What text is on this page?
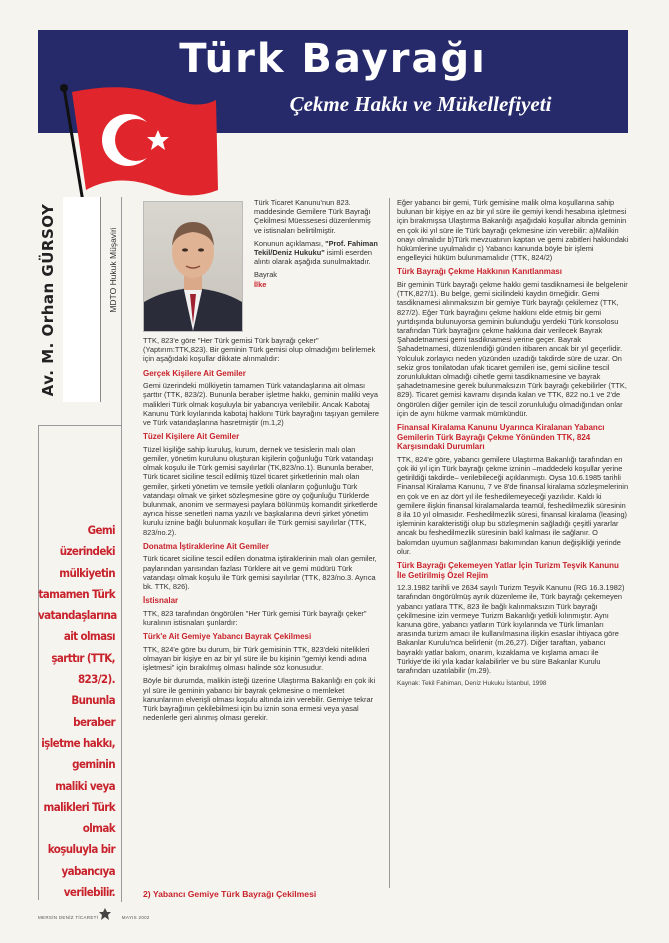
Türk Bayrağı
Çekme Hakkı ve Mükellefiyeti
Av. M. Orhan GÜRSOY	MDTO Hukuk Müşaviri
Gemi üzerindeki mülkiyetin tamamen Türk vatandaşlarına ait olması şarttır (TTK, 823/2). Bununla beraber işletme hakkı, geminin maliki veya malikleri Türk olmak koşuluyla bir yabancıya verilebilir.

Türk Ticaret Kanunu'nun 823. maddesinde Gemilere Türk Bayrağı Çekilmesi Müessesesi düzenlenmiş ve istisnaları belirtilmiştir.

Konunun açıklaması, "Prof. Fahiman Tekil/Deniz Hukuku" isimli eserden alıntı olarak aşağıda sunulmaktadır.

Bayrak

İlke

TTK, 823'e göre "Her Türk gemisi Türk bayrağı çeker" (Yaptırım:TTK,823). Bir geminin Türk gemisi olup olmadığını belirlemek için aşağıdaki koşullar dikkate alınmalıdır:

Gerçek Kişilere Ait Gemiler

Gemi üzerindeki mülkiyetin tamamen Türk vatandaşlarına ait olması şarttır (TTK, 823/2). Bununla beraber işletme hakkı, geminin maliki veya malikleri Türk olmak koşuluyla bir yabancıya verilebilir. Ancak Kabotaj Kanunu Türk kıyılarında kabotaj hakkını Türk bayrağını taşıyan gemilere ve Türk vatandaşlarına hasretmiştir (m.1,2)

Tüzel Kişilere Ait Gemiler

Tüzel kişiliğe sahip kuruluş, kurum, dernek ve tesislerin malı olan gemiler, yönetim kurulunu oluşturan kişilerin çoğunluğu Türk vatandaşı olmak koşulu ile Türk gemisi sayılırlar (TK,823/no.1). Bununla beraber, Türk ticaret siciline tescil edilmiş tüzel ticaret şirketlerinin malı olan gemiler, şirketi yönetim ve temsile yetkili olanların çoğunluğu Türk vatandaşı olmak ve şirket sözleşmesine göre oy çoğunluğu Türklerde bulunmak, anonim ve sermayesi paylara bölünmüş komandit şirketlerde ayrıca hisse senetleri nama yazılı ve başkalarına devri şirket yönetim kurulu iznine bağlı bulunmak koşulları ile Türk gemisi sayılırlar (TTK, 823/no.2).

Donatma İştiraklerine Ait Gemiler

Türk ticaret siciline tescil edilen donatma iştiraklerinin malı olan gemiler, paylarından yarısından fazlası Türklere ait ve gemi müdürü Türk vatandaşı olmak koşulu ile Türk gemisi sayılırlar (TTK, 823/no.3. Ayrıca bk. TTK, 826).

İstisnalar

TTK, 823 tarafından öngörülen "Her Türk gemisi Türk bayrağı çeker" kuralının istisnaları şunlardır:

Türk'e Ait Gemiye Yabancı Bayrak Çekilmesi

TTK, 824'e göre bu durum, bir Türk gemisinin TTK, 823'deki nitelikleri olmayan bir kişiye en az bir yıl süre ile bu kişinin "gemiyi kendi adına işletmesi" için bırakılmış olması halinde söz konusudur.

Böyle bir durumda, malikin isteği üzerine Ulaştırma Bakanlığı en çok iki yıl süre ile geminin yabancı bir bayrak çekmesine o memleket kanunlarının elverişli olması koşulu altında izin verebilir. Gemiye tekrar Türk bayrağının çekilebilmesi için bu iznin sona ermesi veya yasal nedenlerle geri alınmış olması gerekir.

2) Yabancı Gemiye Türk Bayrağı Çekilmesi

Eğer yabancı bir gemi, Türk gemisine malik olma koşullarına sahip bulunan bir kişiye en az bir yıl süre ile gemiyi kendi hesabına işletmesi için bırakmışsa Ulaştırma Bakanlığı aşağıdaki koşullar altında geminin en çok iki yıl süre ile Türk bayrağı çekmesine izin verebilir: a)Malikin onayı olmalıdır b)Türk mevzuatının kaptan ve gemi zabitleri hakkındaki hükümlerine uyulmalıdır c) Yabancı kanunda böyle bir işlemi engelleyici hüküm bulunmamalıdır (TTK, 824/2)

Türk Bayrağı Çekme Hakkının Kanıtlanması

Bir geminin Türk bayrağı çekme hakkı gemi tasdiknamesi ile belgelenir (TTK,827/1). Bu belge, gemi sicilindeki kaydın örneğidir. Gemi tasdiknamesi alınmaksızın bir gemiye Türk bayrağı çekilemez (TTK, 827/2). Eğer Türk bayrağını çekme hakkını elde etmiş bir gemi yurtdışında bulunuyorsa geminin bulunduğu yerdeki Türk konsolosu tarafından Türk bayrağını çekme hakkına dair verilecek Bayrak Şahadetnamesi gemi tasdiknamesi yerine geçer. Bayrak Şahadetnamesi, düzenlendiği günden itibaren ancak bir yıl geçerlidir. Yolculuk zorlayıcı neden yüzünden uzadığı takdirde süre de uzar. On sekiz gros tonilatodan ufak ticaret gemileri ise, gemi siciline tescil zorunluluktan olmadığı cihetle gemi tasdiknamesine ve bayrak şahadetnamesine gerek bulunmaksızın Türk bayrağı çekebilirler (TTK, 829). Ticaret gemisi kavramı dışında kalan ve TTK, 822 no.1 ve 2'de öngörülen diğer gemiler için de tescil zorunluluğu olmadığından onlar için de aynı hükme varmak mümkündür.

Finansal Kiralama Kanunu Uyarınca Kiralanan Yabancı Gemilerin Türk Bayrağı Çekme Yönünden TTK, 824 Karşısındaki Durumları

TTK, 824'e göre, yabancı gemilere Ulaştırma Bakanlığı tarafından en çok iki yıl için Türk bayrağı çekme izninin –maddedeki koşullar yerine getirildiği takdirde– verilebileceği açıklanmıştı. Oysa 10.6.1985 tarihli Finansal Kiralama Kanunu, 7 ve 8'de finansal kiralama sözleşmelerinin en çok ve en az dört yıl ile feshedilemeyeceği yazılıdır. Kaldı ki gemilere ilişkin finansal kiralamalarda teamül, feshedilmezlik süresinin 8 ila 10 yıl olmasıdır. Feshedilmezlik süresi, finansal kiralama (leasing) işleminin karakteristiği olup bu sözleşmenin sağladığı çeşitli yararlar ancak bu feshedilmezlik süresinin bakî kalması ile sağlanır. O bakımdan uyumun sağlanması bakımından kanun değişikliği yerinde olur.

Türk Bayrağı Çekemeyen Yatlar İçin Turizm Teşvik Kanunu İle Getirilmiş Özel Rejim

12.3.1982 tarihli ve 2634 sayılı Turizm Teşvik Kanunu (RG 16.3.1982) tarafından öngörülmüş ayrık düzenleme ile, Türk bayrağı çekemeyen yabancı yatlara TTK, 823 ile bağlı kalınmaksızın Türk bayrağı çekilmesine izin vermeye Turizm Bakanlığı yetkili kılınmıştır. Aynı kanuna göre, yabancı yatların Türk kıyılarında ve Türk limanları arasında turizm amacı ile kullanılmasına ilişkin esaslar ihtiyaca göre Bakanlar Kurulu'nca belirlenir (m.26,27). Diğer taraftan, yabancı bayraklı yatlar bakım, onarım, kızaklama ve kışlama amacı ile Türkiye'de iki yıla kadar kalabilirler ve bu süre Bakanlar Kurulu tarafından uzatılabilir (m.29).

Kaynak: Tekil Fahiman, Deniz Hukuku İstanbul, 1998

MERSİN DENİZ TİCARETİ	MAYIS 2002
